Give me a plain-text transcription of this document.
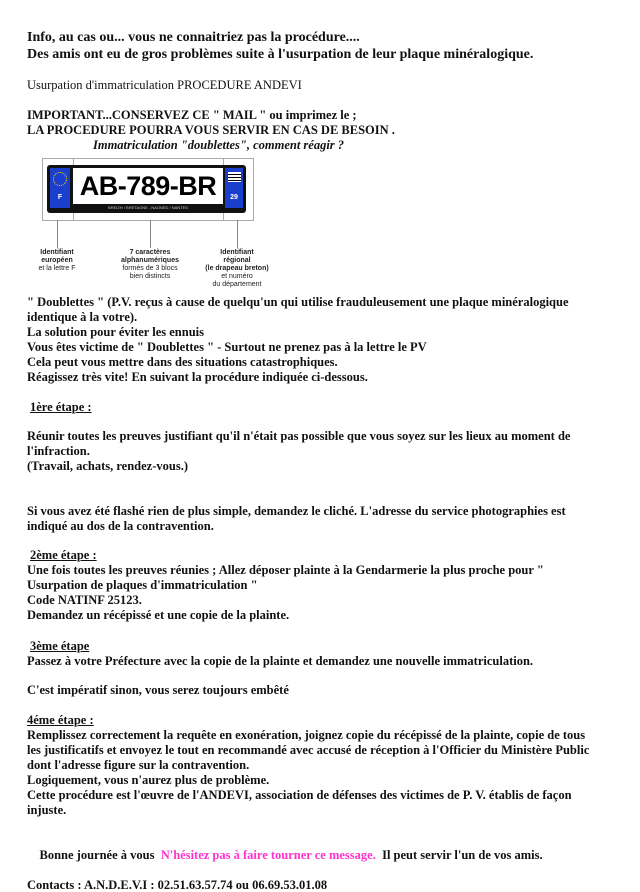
Info, au cas ou... vous ne connaitriez pas la procédure....
Des amis ont eu de gros problèmes suite à l'usurpation de leur plaque minéralogique.
Usurpation d'immatriculation PROCEDURE ANDEVI
IMPORTANT...CONSERVEZ CE " MAIL " ou imprimez le ;
LA PROCEDURE POURRA VOUS SERVIR EN CAS DE BESOIN .
Immatriculation "doublettes", comment réagir ?
F AB-789-BR
BREIZH / BRETAGNE - NAONED / NANTES
29
Identifiant
européen
et la lettre F
7 caractères
alphanumériques
formés de 3 blocs
bien distincts
Identifiant
régional
(le drapeau breton)
et numéro
du département
" Doublettes " (P.V. reçus à cause de quelqu'un qui utilise frauduleusement une plaque minéralogique
identique à la votre).
La solution pour éviter les ennuis
Vous êtes victime de " Doublettes " - Surtout ne prenez pas à la lettre le PV
Cela peut vous mettre dans des situations catastrophiques.
Réagissez très vite! En suivant la procédure indiquée ci-dessous.
1ère étape :
Réunir toutes les preuves justifiant qu'il n'était pas possible que vous soyez sur les lieux au moment de
l'infraction.
(Travail, achats, rendez-vous.)
Si vous avez été flashé rien de plus simple, demandez le cliché. L'adresse du service photographies est
indiqué au dos de la contravention.
2ème étape :
Une fois toutes les preuves réunies ; Allez déposer plainte à la Gendarmerie la plus proche pour "
Usurpation de plaques d'immatriculation "
Code NATINF 25123.
Demandez un récépissé et une copie de la plainte.
3ème étape
Passez à votre Préfecture avec la copie de la plainte et demandez une nouvelle immatriculation.
C'est impératif sinon, vous serez toujours embêté
4éme étape :
Remplissez correctement la requête en exonération, joignez copie du récépissé de la plainte, copie de tous
les justificatifs et envoyez le tout en recommandé avec accusé de réception à l'Officier du Ministère Public
dont l'adresse figure sur la contravention.
Logiquement, vous n'aurez plus de problème.
Cette procédure est l'œuvre de l'ANDEVI, association de défenses des victimes de P. V. établis de façon
injuste.

Bonne journée à vous  N'hésitez pas à faire tourner ce message.  Il peut servir l'un de vos amis.

Contacts : A.N.D.E.V.I : 02.51.63.57.74 ou 06.69.53.01.08
